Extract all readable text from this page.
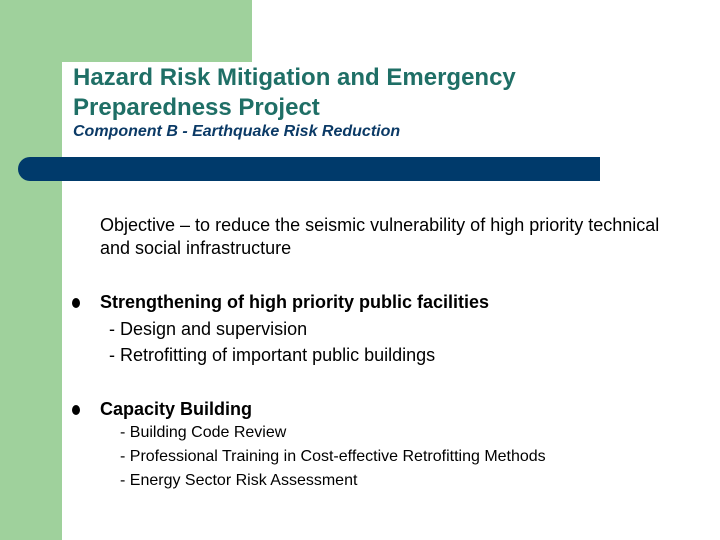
Hazard Risk Mitigation and Emergency Preparedness Project
Component B - Earthquake Risk Reduction
Objective – to reduce the seismic vulnerability of high priority technical and social infrastructure
Strengthening of high priority public facilities
- Design and supervision
- Retrofitting of important public buildings
Capacity Building
- Building Code Review
- Professional Training in Cost-effective Retrofitting Methods
- Energy Sector Risk Assessment
